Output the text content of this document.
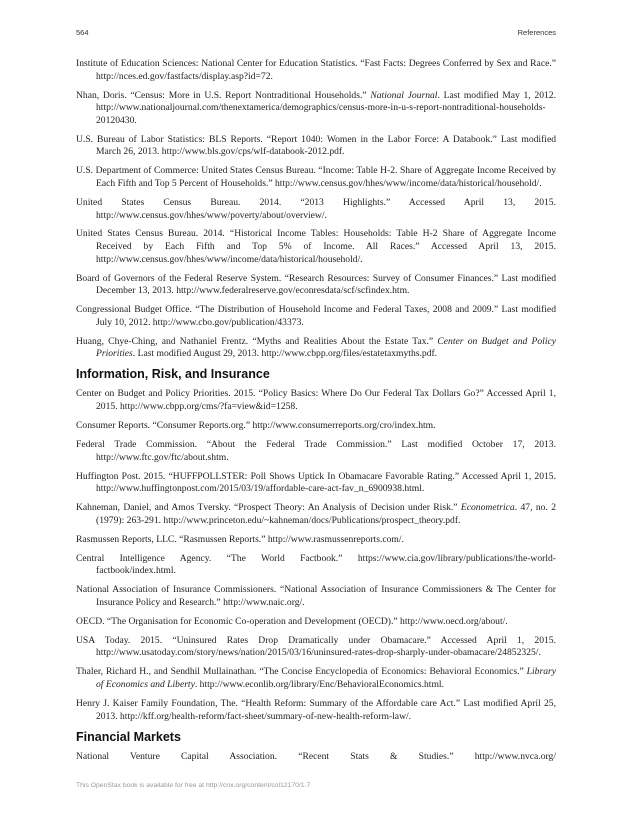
564	References

Institute of Education Sciences: National Center for Education Statistics. “Fast Facts: Degrees Conferred by Sex and Race.” http://nces.ed.gov/fastfacts/display.asp?id=72.

Nhan, Doris. “Census: More in U.S. Report Nontraditional Households.” National Journal. Last modified May 1, 2012. http://www.nationaljournal.com/thenextamerica/demographics/census-more-in-u-s-report-nontraditional-households-20120430.

U.S. Bureau of Labor Statistics: BLS Reports. “Report 1040: Women in the Labor Force: A Databook.” Last modified March 26, 2013. http://www.bls.gov/cps/wlf-databook-2012.pdf.

U.S. Department of Commerce: United States Census Bureau. “Income: Table H-2. Share of Aggregate Income Received by Each Fifth and Top 5 Percent of Households.” http://www.census.gov/hhes/www/income/data/historical/household/.

United States Census Bureau. 2014. “2013 Highlights.” Accessed April 13, 2015. http://www.census.gov/hhes/www/poverty/about/overview/.

United States Census Bureau. 2014. “Historical Income Tables: Households: Table H-2 Share of Aggregate Income Received by Each Fifth and Top 5% of Income. All Races.” Accessed April 13, 2015. http://www.census.gov/hhes/www/income/data/historical/household/.

Board of Governors of the Federal Reserve System. “Research Resources: Survey of Consumer Finances.” Last modified December 13, 2013. http://www.federalreserve.gov/econresdata/scf/scfindex.htm.

Congressional Budget Office. “The Distribution of Household Income and Federal Taxes, 2008 and 2009.” Last modified July 10, 2012. http://www.cbo.gov/publication/43373.

Huang, Chye-Ching, and Nathaniel Frentz. “Myths and Realities About the Estate Tax.” Center on Budget and Policy Priorities. Last modified August 29, 2013. http://www.cbpp.org/files/estatetaxmyths.pdf.

Information, Risk, and Insurance

Center on Budget and Policy Priorities. 2015. “Policy Basics: Where Do Our Federal Tax Dollars Go?” Accessed April 1, 2015. http://www.cbpp.org/cms/?fa=view&id=1258.

Consumer Reports. “Consumer Reports.org.” http://www.consumerreports.org/cro/index.htm.

Federal Trade Commission. “About the Federal Trade Commission.” Last modified October 17, 2013. http://www.ftc.gov/ftc/about.shtm.

Huffington Post. 2015. “HUFFPOLLSTER: Poll Shows Uptick In Obamacare Favorable Rating.” Accessed April 1, 2015. http://www.huffingtonpost.com/2015/03/19/affordable-care-act-fav_n_6900938.html.

Kahneman, Daniel, and Amos Tversky. “Prospect Theory: An Analysis of Decision under Risk.” Econometrica. 47, no. 2 (1979): 263-291. http://www.princeton.edu/~kahneman/docs/Publications/prospect_theory.pdf.

Rasmussen Reports, LLC. “Rasmussen Reports.” http://www.rasmussenreports.com/.

Central Intelligence Agency. “The World Factbook.” https://www.cia.gov/library/publications/the-world-factbook/index.html.

National Association of Insurance Commissioners. “National Association of Insurance Commissioners & The Center for Insurance Policy and Research.” http://www.naic.org/.

OECD. “The Organisation for Economic Co-operation and Development (OECD).” http://www.oecd.org/about/.

USA Today. 2015. “Uninsured Rates Drop Dramatically under Obamacare.” Accessed April 1, 2015. http://www.usatoday.com/story/news/nation/2015/03/16/uninsured-rates-drop-sharply-under-obamacare/24852325/.

Thaler, Richard H., and Sendhil Mullainathan. “The Concise Encyclopedia of Economics: Behavioral Economics.” Library of Economics and Liberty. http://www.econlib.org/library/Enc/BehavioralEconomics.html.

Henry J. Kaiser Family Foundation, The. “Health Reform: Summary of the Affordable care Act.” Last modified April 25, 2013. http://kff.org/health-reform/fact-sheet/summary-of-new-health-reform-law/.

Financial Markets

National Venture Capital Association. “Recent Stats & Studies.” http://www.nvca.org/

This OpenStax book is available for free at http://cnx.org/content/col12170/1.7
